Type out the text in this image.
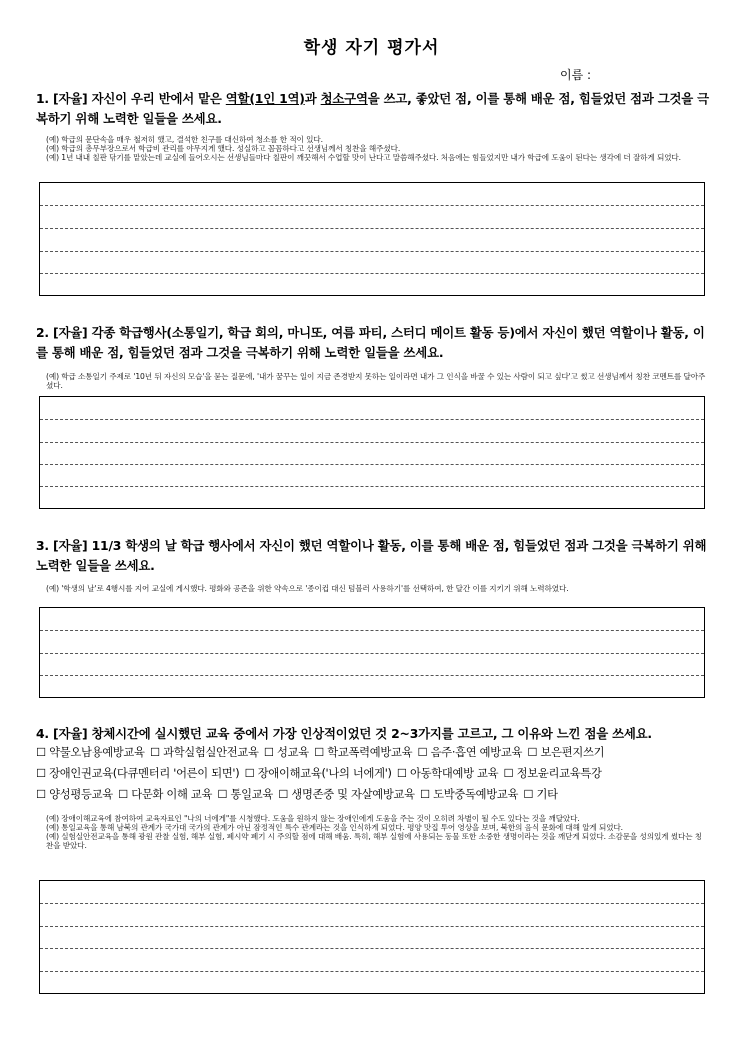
학생 자기 평가서
이름 :
1. [자율] 자신이 우리 반에서 맡은 역할(1인 1역)과 청소구역을 쓰고, 좋았던 점, 이를 통해 배운 점, 힘들었던 점과 그것을 극복하기 위해 노력한 일들을 쓰세요.

(예) 학급의 문단속을 매우 철저히 했고, 결석한 친구를 대신하여 청소를 한 적이 있다.

(예) 학급의 총무부장으로서 학급비 관리를 야무지게 했다. 성실하고 꼼꼼하다고 선생님께서 칭찬을 해주셨다.

(예) 1년 내내 칠판 닦기를 맡았는데 교실에 들어오시는 선생님들마다 칠판이 깨끗해서 수업할 맛이 난다고 말씀해주셨다. 처음에는 힘들었지만 내가 학급에 도움이 된다는 생각에 더 잘하게 되었다.

2. [자율] 각종 학급행사(소통일기, 학급 회의, 마니또, 여름 파티, 스터디 메이트 활동 등)에서 자신이 했던 역할이나 활동, 이를 통해 배운 점, 힘들었던 점과 그것을 극복하기 위해 노력한 일들을 쓰세요.

(예) 학급 소통일기 주제로 '10년 뒤 자신의 모습'을 묻는 질문에, '내가 꿈꾸는 일이 지금 존경받지 못하는 일이라면 내가 그 인식을 바꿀 수 있는 사람이 되고 싶다'고 썼고 선생님께서 칭찬 코멘트를 달아주셨다.

3. [자율] 11/3 학생의 날 학급 행사에서 자신이 했던 역할이나 활동, 이를 통해 배운 점, 힘들었던 점과 그것을 극복하기 위해 노력한 일들을 쓰세요.

(예) '학생의 날'로 4행시를 지어 교실에 게시했다. 평화와 공존을 위한 약속으로 '종이컵 대신 텀블러 사용하기'를 선택하여, 한 달간 이를 지키기 위해 노력하였다.

4. [자율] 창체시간에 실시했던 교육 중에서 가장 인상적이었던 것 2~3가지를 고르고, 그 이유와 느낀 점을 쓰세요.
☐ 약물오남용예방교육 ☐ 과학실험실안전교육 ☐ 성교육 ☐ 학교폭력예방교육 ☐ 음주·흡연 예방교육 ☐ 보은편지쓰기
☐ 장애인권교육(다큐멘터리 '어른이 되면') ☐ 장애이해교육('나의 너에게') ☐ 아동학대예방 교육 ☐ 정보윤리교육특강
☐ 양성평등교육 ☐ 다문화 이해 교육 ☐ 통일교육 ☐ 생명존중 및 자살예방교육 ☐ 도박중독예방교육 ☐ 기타

(예) 장애이해교육에 참여하여 교육자료인 "나의 너에게"를 시청했다. 도움을 원하지 않는 장애인에게 도움을 주는 것이 오히려 차별이 될 수도 있다는 것을 깨달았다.

(예) 통일교육을 통해 남북의 관계가 국가대 국가의 관계가 아닌 잠정적인 특수 관계라는 것을 인식하게 되었다. 평양 맛집 투어 영상을 보며, 북한의 음식 문화에 대해 알게 되었다.

(예) 실험실안전교육을 통해 광원 관찰 실험, 해부 실험, 폐시약 폐기 시 주의할 점에 대해 배움. 특히, 해부 실험에 사용되는 동물 또한 소중한 생명이라는 것을 깨닫게 되었다. 소감문을 성의있게 썼다는 칭찬을 받았다.
